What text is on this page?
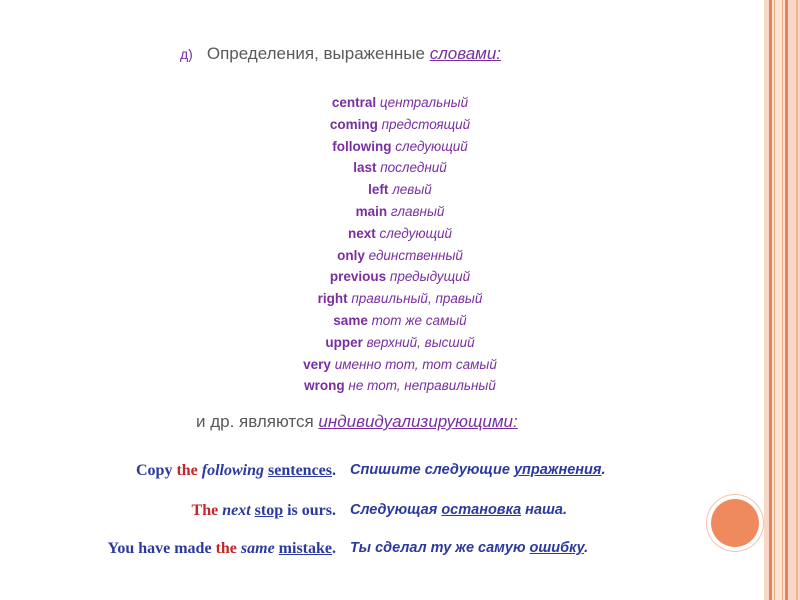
д) Определения, выраженные словами:
central центральный
coming предстоящий
following следующий
last последний
left левый
main главный
next следующий
only единственный
previous предыдущий
right правильный, правый
same тот же самый
upper верхний, высший
very именно тот, тот самый
wrong не тот, неправильный
и др. являются индивидуализирующими:
Copy the following sentences. Спишите следующие упражнения.
The next stop is ours. Следующая остановка наша.
You have made the same mistake. Ты сделал ту же самую ошибку.
